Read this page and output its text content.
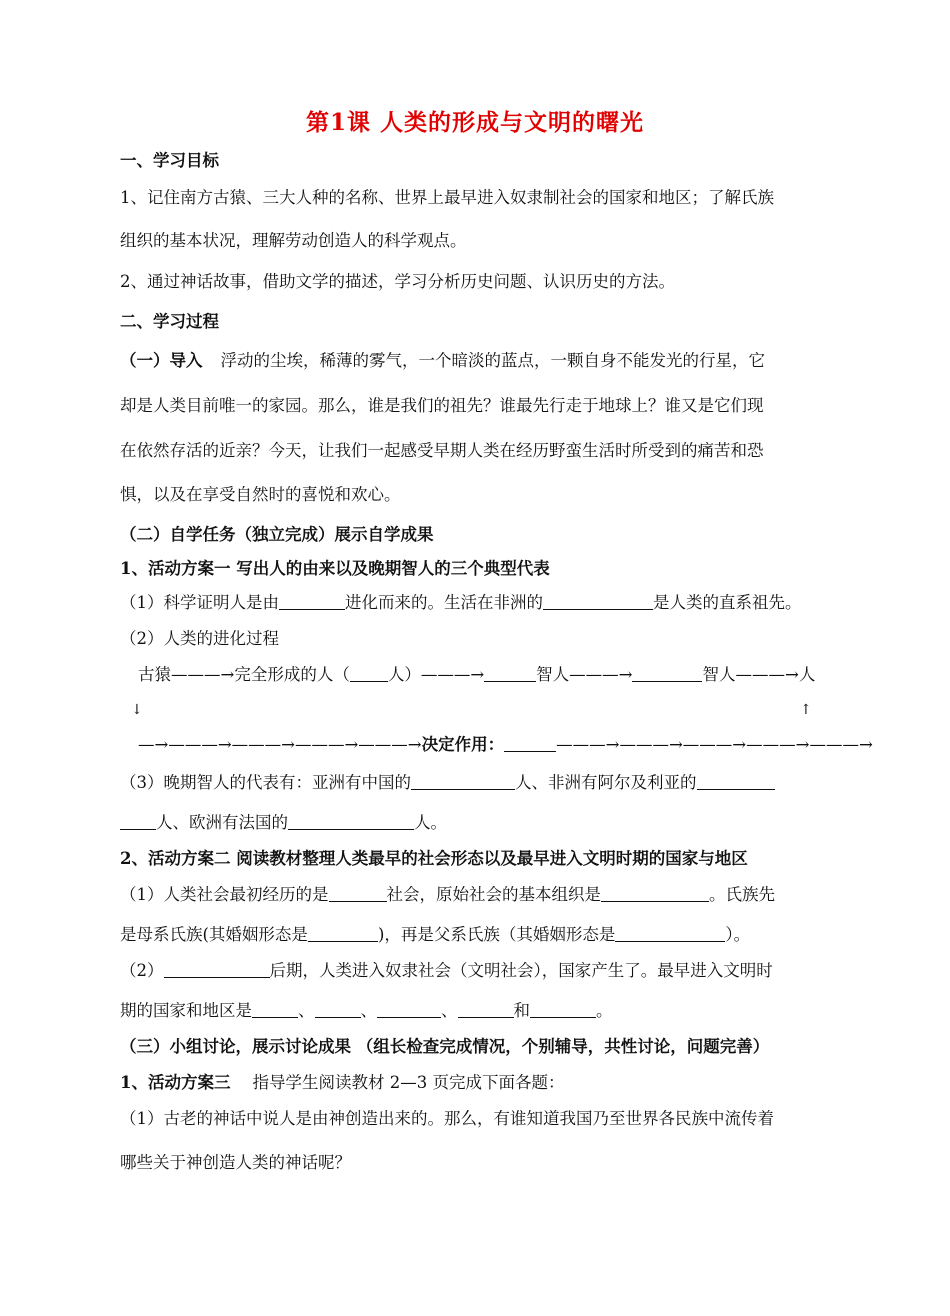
第1课 人类的形成与文明的曙光
一、学习目标
1、记住南方古猿、三大人种的名称、世界上最早进入奴隶制社会的国家和地区；了解氏族
组织的基本状况，理解劳动创造人的科学观点。
2、通过神话故事，借助文学的描述，学习分析历史问题、认识历史的方法。
二、学习过程
（一）导入 浮动的尘埃，稀薄的雾气，一个暗淡的蓝点，一颗自身不能发光的行星，它
却是人类目前唯一的家园。那么，谁是我们的祖先？谁最先行走于地球上？谁又是它们现
在依然存活的近亲？今天，让我们一起感受早期人类在经历野蛮生活时所受到的痛苦和恐
惧，以及在享受自然时的喜悦和欢心。
（二）自学任务（独立完成）展示自学成果
1、活动方案一 写出人的由来以及晚期智人的三个典型代表
（1）科学证明人是由	进化而来的。生活在非洲的	是人类的直系祖先。
（2）人类的进化过程
古猿———→完全形成的人（ 人）———→	智人———→	智人———→人
↓	↑
—→———→———→———→———→决定作用：	———→———→———→———→———→
（3）晚期智人的代表有：亚洲有中国的	人、非洲有阿尔及利亚的
人、欧洲有法国的	人。
2、活动方案二 阅读教材整理人类最早的社会形态以及最早进入文明时期的国家与地区
（1）人类社会最初经历的是	社会，原始社会的基本组织是	。氏族先
是母系氏族(其婚姻形态是	)，再是父系氏族（其婚姻形态是	）。
（2）	后期，人类进入奴隶社会（文明社会），国家产生了。最早进入文明时
期的国家和地区是	、	、	、	和	。
（三）小组讨论，展示讨论成果 （组长检查完成情况，个别辅导，共性讨论，问题完善）
1、活动方案三 指导学生阅读教材 2—3 页完成下面各题：
（1）古老的神话中说人是由神创造出来的。那么，有谁知道我国乃至世界各民族中流传着
哪些关于神创造人类的神话呢？
